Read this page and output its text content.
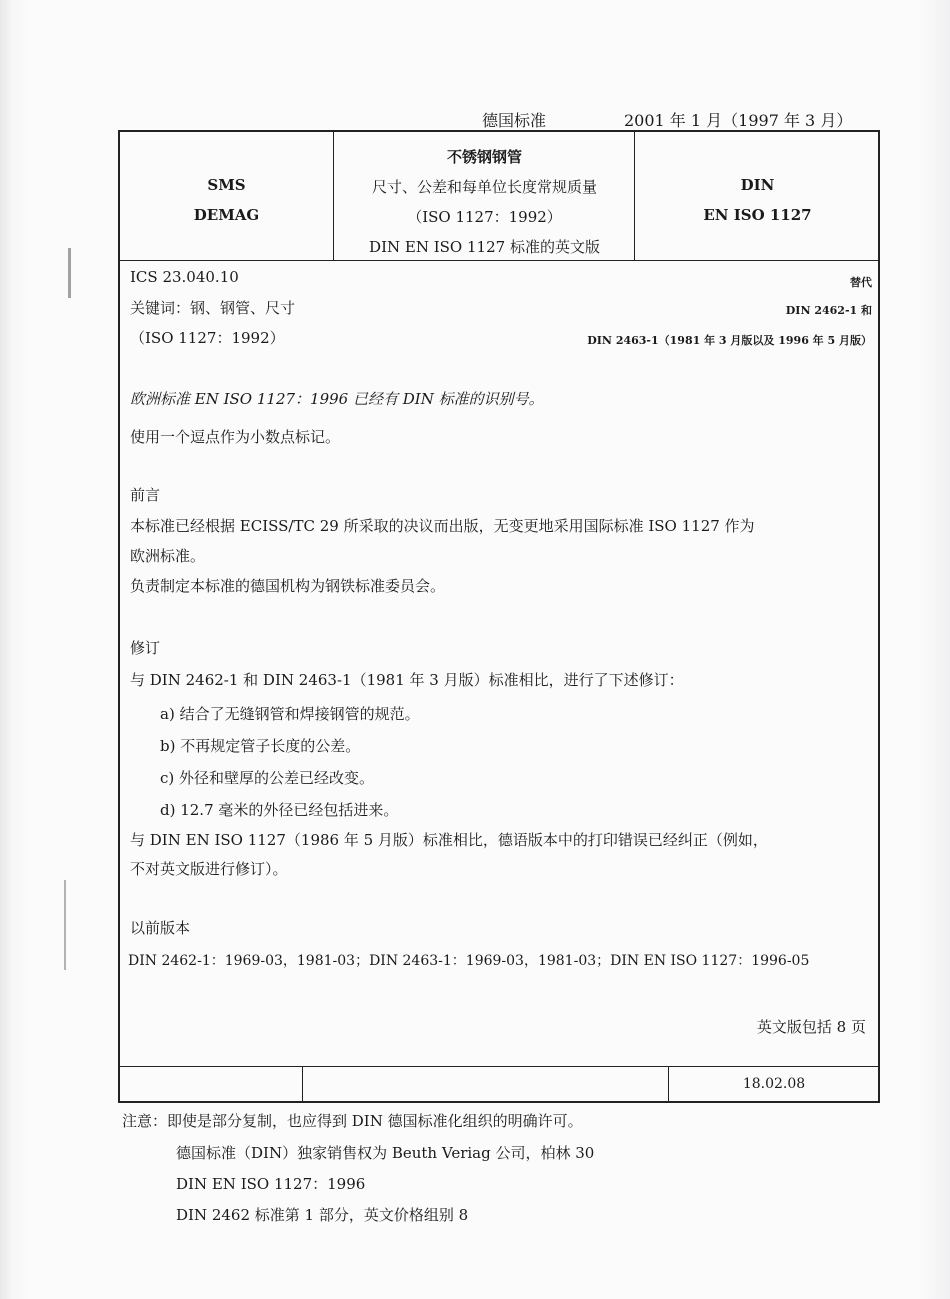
德国标准	2001 年 1 月（1997 年 3 月）
SMS
DEMAG
不锈钢钢管
尺寸、公差和每单位长度常规质量
（ISO 1127：1992）
DIN EN ISO 1127 标准的英文版
DIN
EN ISO 1127
ICS 23.040.10
关键词：钢、钢管、尺寸
（ISO 1127：1992）
替代
DIN 2462-1 和
DIN 2463-1（1981 年 3 月版以及 1996 年 5 月版）
欧洲标准 EN ISO 1127：1996 已经有 DIN 标准的识别号。
使用一个逗点作为小数点标记。
前言
本标准已经根据 ECISS/TC 29 所采取的决议而出版，无变更地采用国际标准 ISO 1127 作为
欧洲标准。
负责制定本标准的德国机构为钢铁标准委员会。
修订
与 DIN 2462-1 和 DIN 2463-1（1981 年 3 月版）标准相比，进行了下述修订：
a) 结合了无缝钢管和焊接钢管的规范。
b) 不再规定管子长度的公差。
c) 外径和壁厚的公差已经改变。
d) 12.7 毫米的外径已经包括进来。
与 DIN EN ISO 1127（1986 年 5 月版）标准相比，德语版本中的打印错误已经纠正（例如，
不对英文版进行修订）。
以前版本
DIN 2462-1：1969-03，1981-03；DIN 2463-1：1969-03，1981-03；DIN EN ISO 1127：1996-05
英文版包括 8 页
18.02.08
注意：即使是部分复制，也应得到 DIN 德国标准化组织的明确许可。
德国标准（DIN）独家销售权为 Beuth Veriag 公司，柏林 30
DIN EN ISO 1127：1996
DIN 2462 标准第 1 部分，英文价格组别 8
